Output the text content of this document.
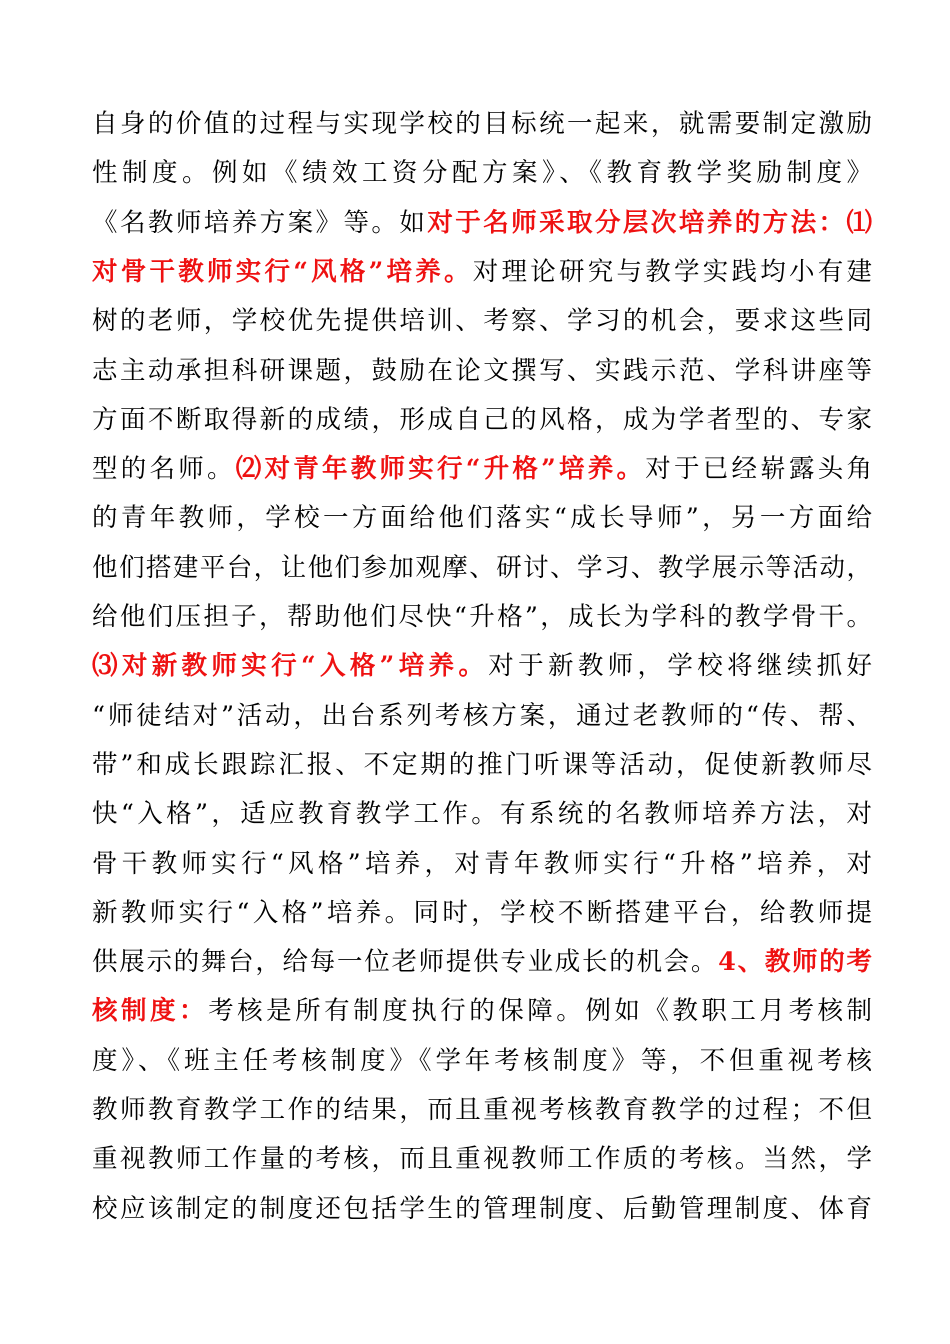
自身的价值的过程与实现学校的目标统一起来，就需要制定激励
性制度。例如《绩效工资分配方案》、《教育教学奖励制度》
《名教师培养方案》等。如对于名师采取分层次培养的方法：⑴
对骨干教师实行“风格”培养。对理论研究与教学实践均小有建
树的老师，学校优先提供培训、考察、学习的机会，要求这些同
志主动承担科研课题，鼓励在论文撰写、实践示范、学科讲座等
方面不断取得新的成绩，形成自己的风格，成为学者型的、专家
型的名师。⑵对青年教师实行“升格”培养。对于已经崭露头角
的青年教师，学校一方面给他们落实“成长导师”，另一方面给
他们搭建平台，让他们参加观摩、研讨、学习、教学展示等活动，
给他们压担子，帮助他们尽快“升格”，成长为学科的教学骨干。
⑶对新教师实行“入格”培养。对于新教师，学校将继续抓好
“师徒结对”活动，出台系列考核方案，通过老教师的“传、帮、
带”和成长跟踪汇报、不定期的推门听课等活动，促使新教师尽
快“入格”，适应教育教学工作。有系统的名教师培养方法，对
骨干教师实行“风格”培养，对青年教师实行“升格”培养，对
新教师实行“入格”培养。同时，学校不断搭建平台，给教师提
供展示的舞台，给每一位老师提供专业成长的机会。4、教师的考
核制度：考核是所有制度执行的保障。例如《教职工月考核制
度》、《班主任考核制度》《学年考核制度》等，不但重视考核
教师教育教学工作的结果，而且重视考核教育教学的过程；不但
重视教师工作量的考核，而且重视教师工作质的考核。当然，学
校应该制定的制度还包括学生的管理制度、后勤管理制度、体育
